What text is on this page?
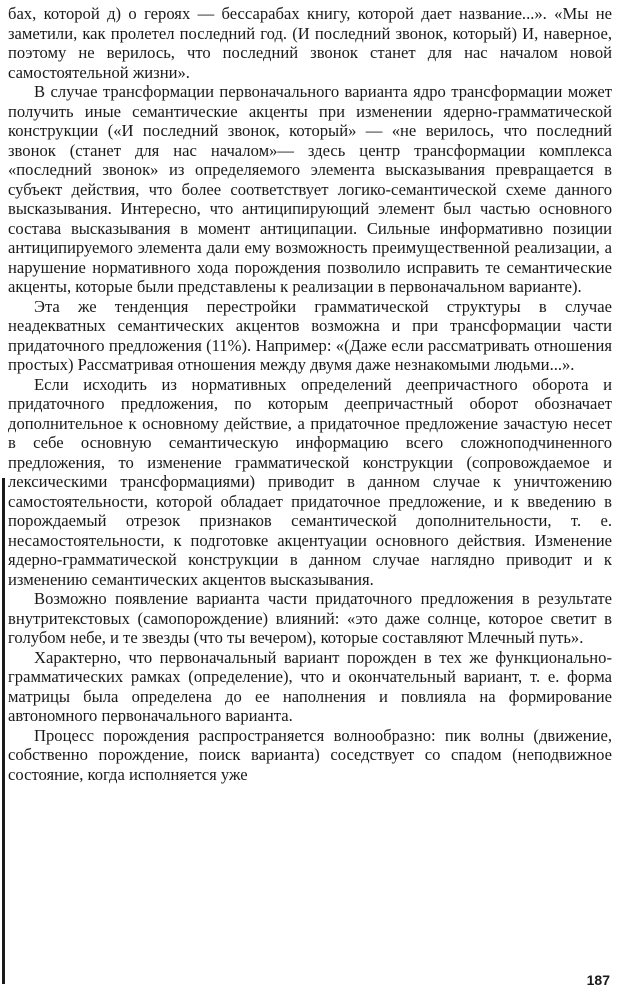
бах, которой д) о героях — бессарабах книгу, которой дает название...». «Мы не заметили, как пролетел последний год. (И последний звонок, который) И, наверное, поэтому не верилось, что последний звонок станет для нас началом новой самостоятельной жизни».

В случае трансформации первоначального варианта ядро трансформации может получить иные семантические акценты при изменении ядерно-грамматической конструкции («И последний звонок, который» — «не верилось, что последний звонок (станет для нас началом»— здесь центр трансформации комплекса «последний звонок» из определяемого элемента высказывания превращается в субъект действия, что более соответствует логико-семантической схеме данного высказывания. Интересно, что антиципирующий элемент был частью основного состава высказывания в момент антиципации. Сильные информативно позиции антиципируемого элемента дали ему возможность преимущественной реализации, а нарушение нормативного хода порождения позволило исправить те семантические акценты, которые были представлены к реализации в первоначальном варианте).

Эта же тенденция перестройки грамматической структуры в случае неадекватных семантических акцентов возможна и при трансформации части придаточного предложения (11%). Например: «(Даже если рассматривать отношения простых) Рассматривая отношения между двумя даже незнакомыми людьми...».

Если исходить из нормативных определений деепричастного оборота и придаточного предложения, по которым деепричастный оборот обозначает дополнительное к основному действие, а придаточное предложение зачастую несет в себе основную семантическую информацию всего сложноподчиненного предложения, то изменение грамматической конструкции (сопровождаемое и лексическими трансформациями) приводит в данном случае к уничтожению самостоятельности, которой обладает придаточное предложение, и к введению в порождаемый отрезок признаков семантической дополнительности, т. е. несамостоятельности, к подготовке акцентуации основного действия. Изменение ядерно-грамматической конструкции в данном случае наглядно приводит и к изменению семантических акцентов высказывания.

Возможно появление варианта части придаточного предложения в результате внутритекстовых (самопорождение) влияний: «это даже солнце, которое светит в голубом небе, и те звезды (что ты вечером), которые составляют Млечный путь».

Характерно, что первоначальный вариант порожден в тех же функционально-грамматических рамках (определение), что и окончательный вариант, т. е. форма матрицы была определена до ее наполнения и повлияла на формирование автономного первоначального варианта.

Процесс порождения распространяется волнообразно: пик волны (движение, собственно порождение, поиск варианта) соседствует со спадом (неподвижное состояние, когда исполняется уже

187
